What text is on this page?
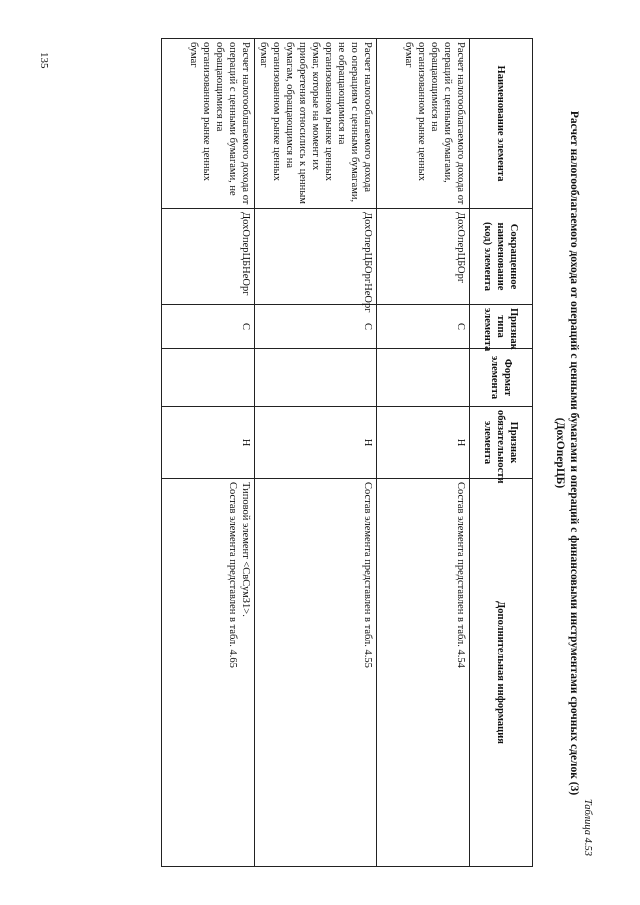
135
Таблица 4.53
Расчет налогооблагаемого дохода от операций с ценными бумагами и операций с финансовыми инструментами срочных сделок (3) (ДохОперЦБ)
Наименование элемента	Сокращенное наименование (код) элемента	Признак типа элемента	Формат элемента	Признак обязательности элемента	Дополнительная информация
Расчет налогооблагаемого дохода от операций с ценными бумагами, обращающимися на организованном рынке ценных бумаг	ДохОперЦБОрг	С		Н	Состав элемента представлен в табл. 4.54

Расчет налогооблагаемого дохода по операциям с ценными бумагами, не обращающимися на организованном рынке ценных бумаг, которые на момент их приобретения относились к ценным бумагам, обращающимся на организованном рынке ценных бумаг	ДохОперЦБОргНеОрг	С		Н	Состав элемента представлен в табл. 4.55

Расчет налогооблагаемого дохода от операций с ценными бумагами, не обращающимися на организованном рынке ценных бумаг	ДохОперЦБНеОрг	С		Н	Типовой элемент <СвСумЗ1>.
Состав элемента представлен в табл. 4.65
